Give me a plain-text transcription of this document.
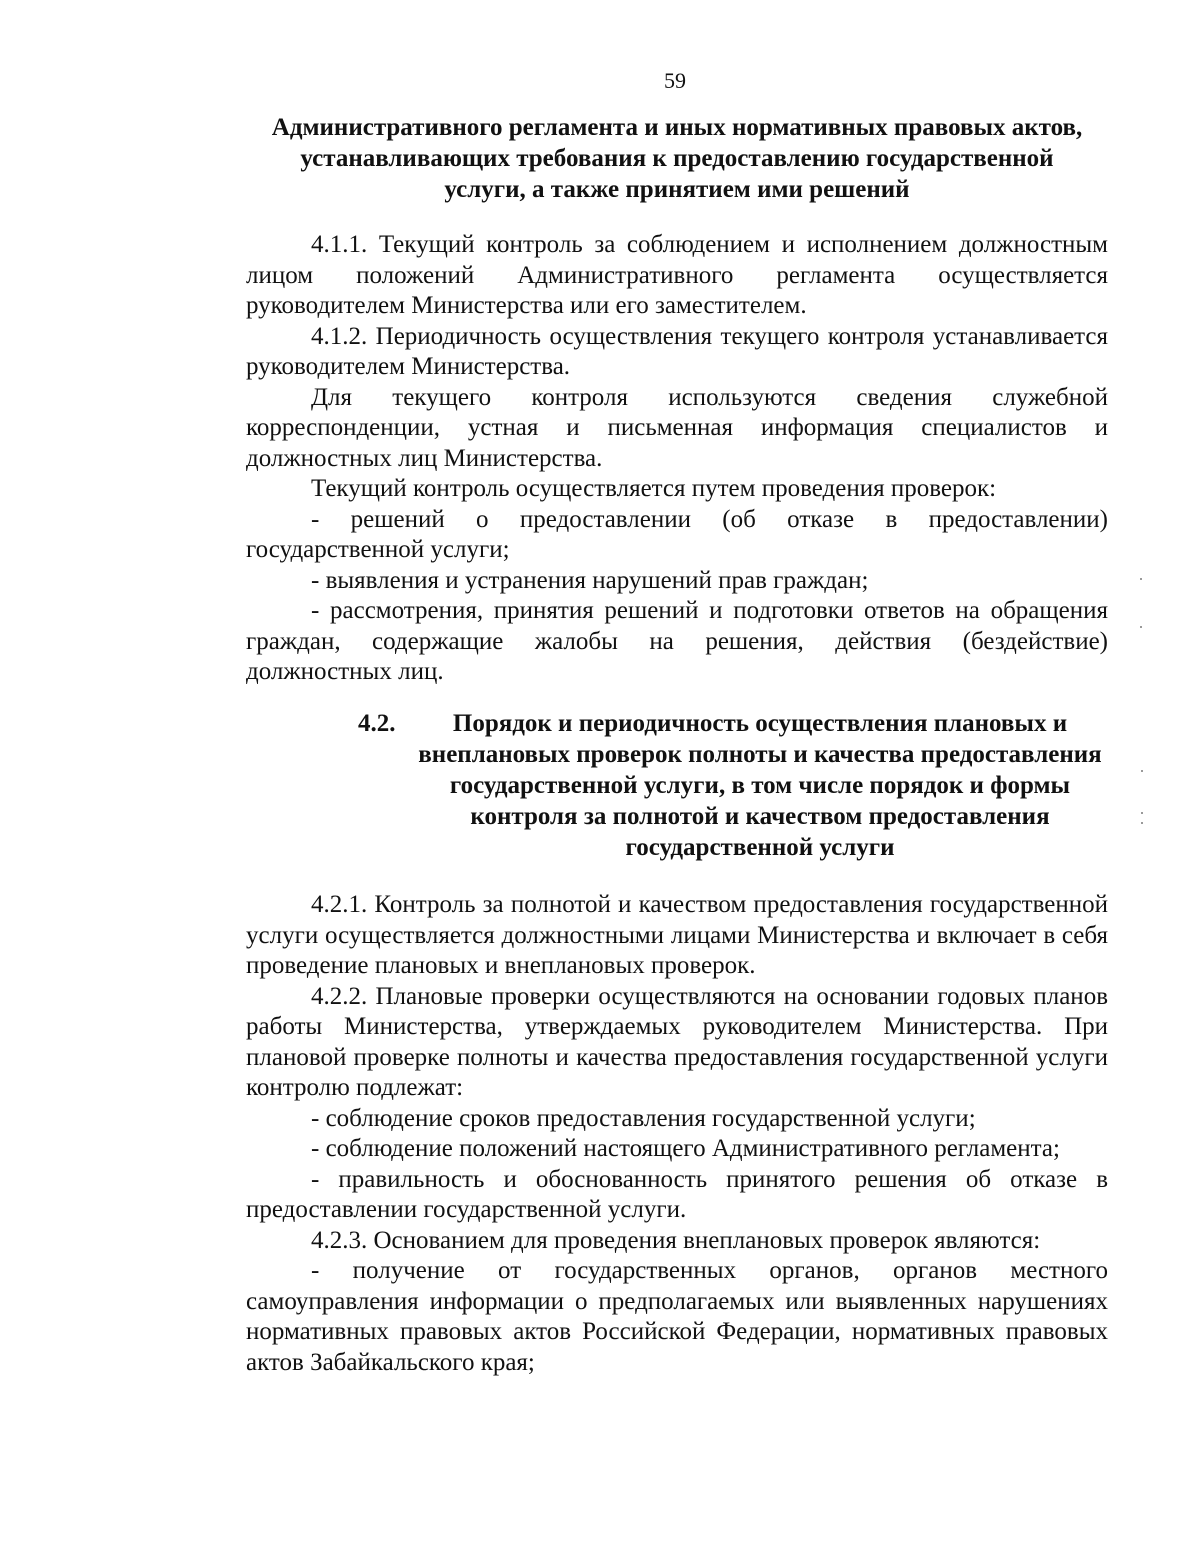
59
Административного регламента и иных нормативных правовых актов,
устанавливающих требования к предоставлению государственной
услуги, а также принятием ими решений

4.1.1. Текущий контроль за соблюдением и исполнением должностным лицом положений Административного регламента осуществляется руководителем Министерства или его заместителем.

4.1.2. Периодичность осуществления текущего контроля устанавливается руководителем Министерства.

Для текущего контроля используются сведения служебной корреспонденции, устная и письменная информация специалистов и должностных лиц Министерства.

Текущий контроль осуществляется путем проведения проверок:

- решений о предоставлении (об отказе в предоставлении) государственной услуги;

- выявления и устранения нарушений прав граждан;

- рассмотрения, принятия решений и подготовки ответов на обращения граждан, содержащие жалобы на решения, действия (бездействие) должностных лиц.

4.2.	Порядок и периодичность осуществления плановых и
внеплановых проверок полноты и качества предоставления
государственной услуги, в том числе порядок и формы
контроля за полнотой и качеством предоставления
государственной услуги

4.2.1. Контроль за полнотой и качеством предоставления государственной услуги осуществляется должностными лицами Министерства и включает в себя проведение плановых и внеплановых проверок.

4.2.2. Плановые проверки осуществляются на основании годовых планов работы Министерства, утверждаемых руководителем Министерства. При плановой проверке полноты и качества предоставления государственной услуги контролю подлежат:

- соблюдение сроков предоставления государственной услуги;

- соблюдение положений настоящего Административного регламента;

- правильность и обоснованность принятого решения об отказе в предоставлении государственной услуги.

4.2.3. Основанием для проведения внеплановых проверок являются:

- получение от государственных органов, органов местного самоуправления информации о предполагаемых или выявленных нарушениях нормативных правовых актов Российской Федерации, нормативных правовых актов Забайкальского края;
